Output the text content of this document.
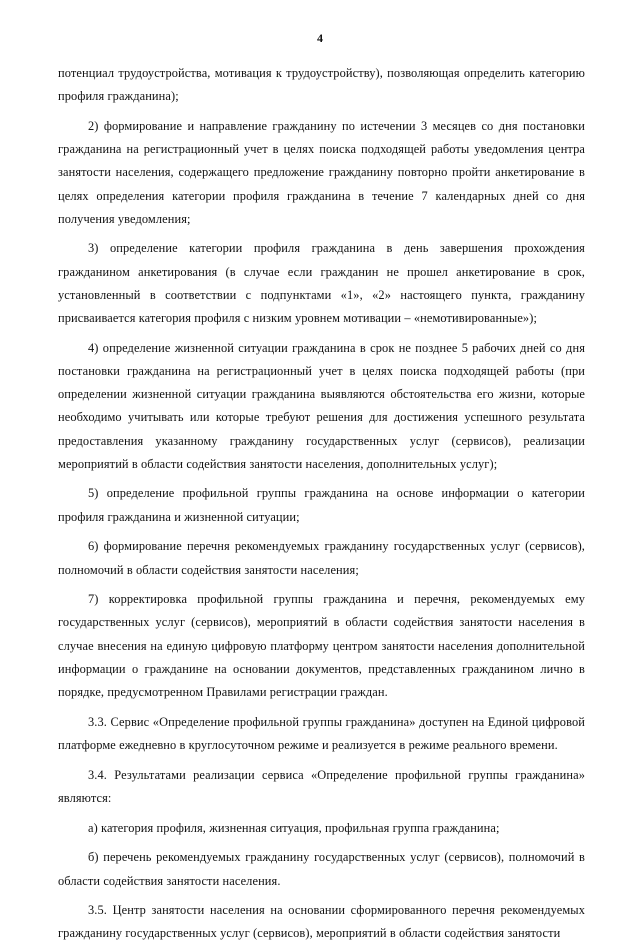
4

потенциал трудоустройства, мотивация к трудоустройству), позволяющая определить категорию профиля гражданина);

2) формирование и направление гражданину по истечении 3 месяцев со дня постановки гражданина на регистрационный учет в целях поиска подходящей работы уведомления центра занятости населения, содержащего предложение гражданину повторно пройти анкетирование в целях определения категории профиля гражданина в течение 7 календарных дней со дня получения уведомления;

3) определение категории профиля гражданина в день завершения прохождения гражданином анкетирования (в случае если гражданин не прошел анкетирование в срок, установленный в соответствии с подпунктами «1», «2» настоящего пункта, гражданину присваивается категория профиля с низким уровнем мотивации – «немотивированные»);

4) определение жизненной ситуации гражданина в срок не позднее 5 рабочих дней со дня постановки гражданина на регистрационный учет в целях поиска подходящей работы (при определении жизненной ситуации гражданина выявляются обстоятельства его жизни, которые необходимо учитывать или которые требуют решения для достижения успешного результата предоставления указанному гражданину государственных услуг (сервисов), реализации мероприятий в области содействия занятости населения, дополнительных услуг);

5) определение профильной группы гражданина на основе информации о категории профиля гражданина и жизненной ситуации;

6) формирование перечня рекомендуемых гражданину государственных услуг (сервисов), полномочий в области содействия занятости населения;

7) корректировка профильной группы гражданина и перечня, рекомендуемых ему государственных услуг (сервисов), мероприятий в области содействия занятости населения в случае внесения на единую цифровую платформу центром занятости населения дополнительной информации о гражданине на основании документов, представленных гражданином лично в порядке, предусмотренном Правилами регистрации граждан.

3.3. Сервис «Определение профильной группы гражданина» доступен на Единой цифровой платформе ежедневно в круглосуточном режиме и реализуется в режиме реального времени.

3.4. Результатами реализации сервиса «Определение профильной группы гражданина» являются:

а) категория профиля, жизненная ситуация, профильная группа гражданина;

б) перечень рекомендуемых гражданину государственных услуг (сервисов), полномочий в области содействия занятости населения.

3.5. Центр занятости населения на основании сформированного перечня рекомендуемых гражданину государственных услуг (сервисов), мероприятий в области содействия занятости
